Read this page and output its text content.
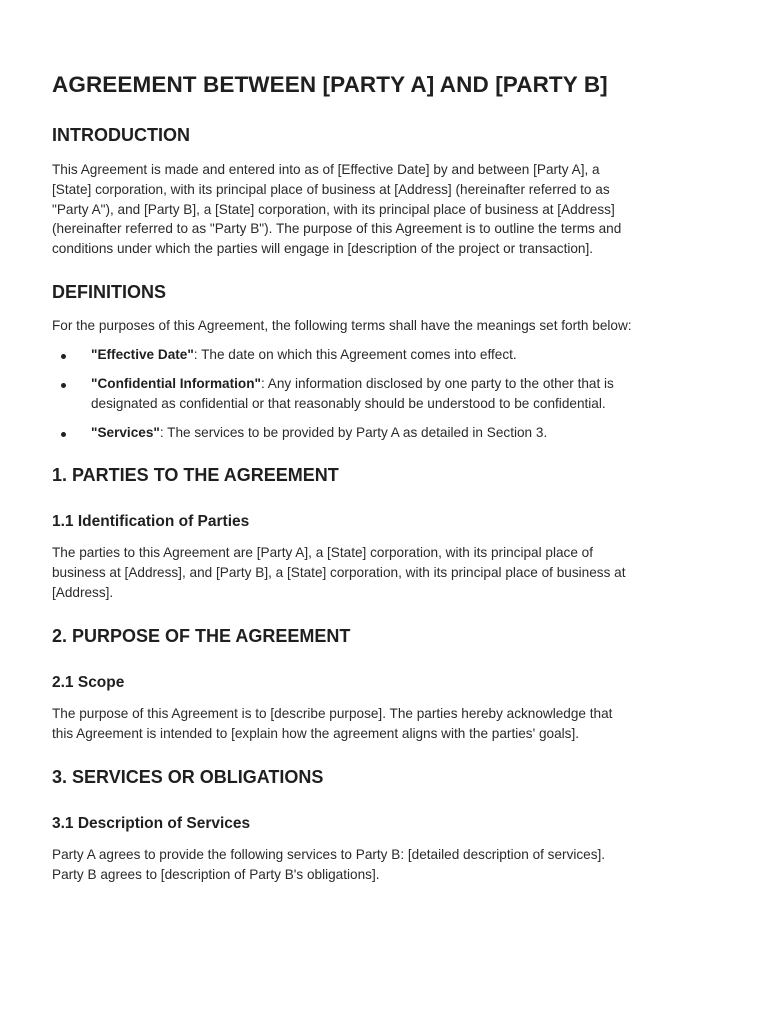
AGREEMENT BETWEEN [PARTY A] AND [PARTY B]
INTRODUCTION
This Agreement is made and entered into as of [Effective Date] by and between [Party A], a
[State] corporation, with its principal place of business at [Address] (hereinafter referred to as
"Party A"), and [Party B], a [State] corporation, with its principal place of business at [Address]
(hereinafter referred to as "Party B"). The purpose of this Agreement is to outline the terms and
conditions under which the parties will engage in [description of the project or transaction].
DEFINITIONS

For the purposes of this Agreement, the following terms shall have the meanings set forth below:

"Effective Date": The date on which this Agreement comes into effect.
"Confidential Information": Any information disclosed by one party to the other that is
designated as confidential or that reasonably should be understood to be confidential.
"Services": The services to be provided by Party A as detailed in Section 3.
1. PARTIES TO THE AGREEMENT
1.1 Identification of Parties
The parties to this Agreement are [Party A], a [State] corporation, with its principal place of
business at [Address], and [Party B], a [State] corporation, with its principal place of business at
[Address].
2. PURPOSE OF THE AGREEMENT
2.1 Scope
The purpose of this Agreement is to [describe purpose]. The parties hereby acknowledge that
this Agreement is intended to [explain how the agreement aligns with the parties' goals].
3. SERVICES OR OBLIGATIONS
3.1 Description of Services
Party A agrees to provide the following services to Party B: [detailed description of services].
Party B agrees to [description of Party B's obligations].
